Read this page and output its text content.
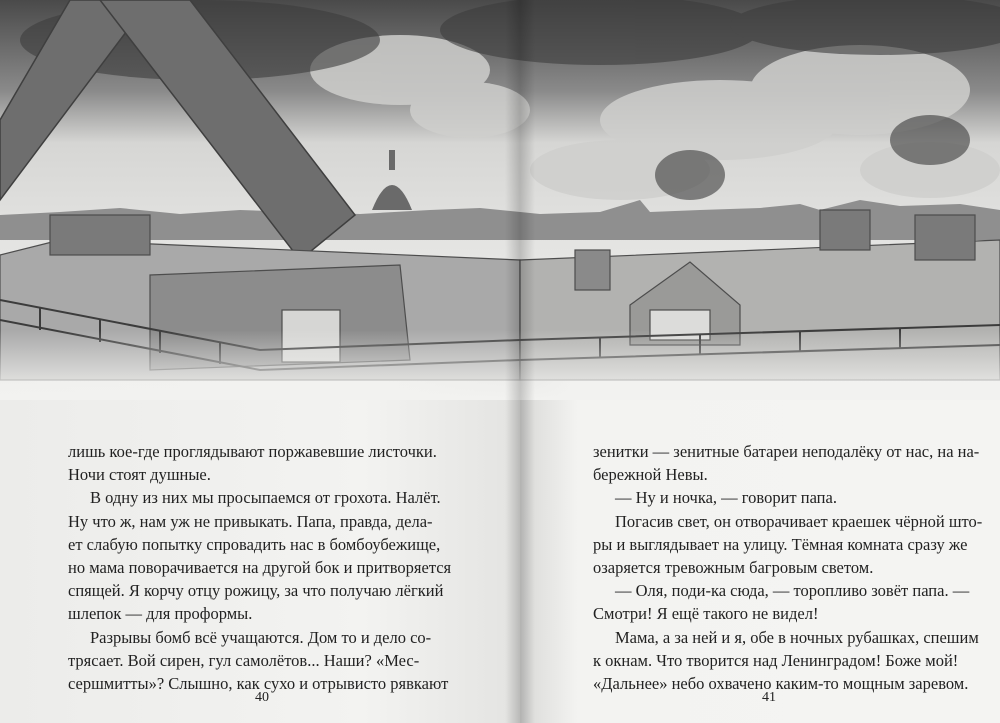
лишь кое-где проглядывают поржавевшие листочки.

Ночи стоят душные.

В одну из них мы просыпаемся от грохота. Налёт.

Ну что ж, нам уж не привыкать. Папа, правда, дела-

ет слабую попытку спровадить нас в бомбоубежище,

но мама поворачивается на другой бок и притворяется

спящей. Я корчу отцу рожицу, за что получаю лёгкий

шлепок — для проформы.

Разрывы бомб всё учащаются. Дом то и дело со-

трясает. Вой сирен, гул самолётов... Наши? «Мес-

сершмитты»? Слышно, как сухо и отрывисто рявкают

зенитки — зенитные батареи неподалёку от нас, на на-

бережной Невы.

— Ну и ночка, — говорит папа.

Погасив свет, он отворачивает краешек чёрной што-

ры и выглядывает на улицу. Тёмная комната сразу же

озаряется тревожным багровым светом.

— Оля, поди-ка сюда, — торопливо зовёт папа. —

Смотри! Я ещё такого не видел!

Мама, а за ней и я, обе в ночных рубашках, спешим

к окнам. Что творится над Ленинградом! Боже мой!

«Дальнее» небо охвачено каким-то мощным заревом.

40	41
